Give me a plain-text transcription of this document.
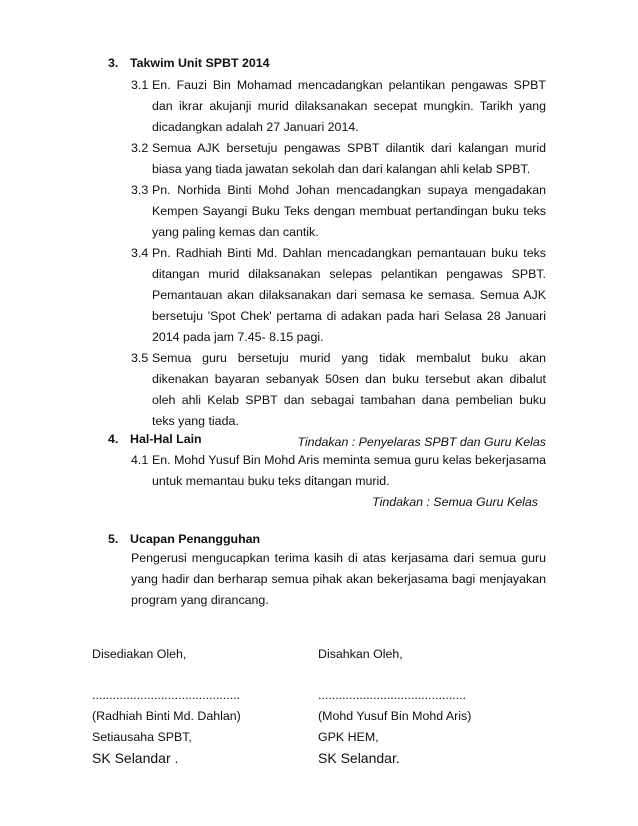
3. Takwim Unit SPBT 2014
3.1 En. Fauzi Bin Mohamad mencadangkan pelantikan pengawas SPBT dan ikrar akujanji murid dilaksanakan secepat mungkin. Tarikh yang dicadangkan adalah 27 Januari 2014.
3.2 Semua AJK bersetuju pengawas SPBT dilantik dari kalangan murid biasa yang tiada jawatan sekolah dan dari kalangan ahli kelab SPBT.
3.3 Pn. Norhida Binti Mohd Johan mencadangkan supaya mengadakan Kempen Sayangi Buku Teks dengan membuat pertandingan buku teks yang paling kemas dan cantik.
3.4 Pn. Radhiah Binti Md. Dahlan mencadangkan pemantauan buku teks ditangan murid dilaksanakan selepas pelantikan pengawas SPBT. Pemantauan akan dilaksanakan dari semasa ke semasa. Semua AJK bersetuju 'Spot Chek' pertama di adakan pada hari Selasa 28 Januari 2014 pada jam 7.45- 8.15 pagi.
3.5 Semua guru bersetuju murid yang tidak membalut buku akan dikenakan bayaran sebanyak 50sen dan buku tersebut akan dibalut oleh ahli Kelab SPBT dan sebagai tambahan dana pembelian buku teks yang tiada.
Tindakan : Penyelaras SPBT dan Guru Kelas
4. Hal-Hal Lain
4.1 En. Mohd Yusuf Bin Mohd Aris meminta semua guru kelas bekerjasama untuk memantau buku teks ditangan murid.
Tindakan : Semua Guru Kelas
5. Ucapan Penangguhan
Pengerusi mengucapkan terima kasih di atas kerjasama dari semua guru yang hadir dan berharap semua pihak akan bekerjasama bagi menjayakan program yang dirancang.
Disediakan Oleh,
...........................................
(Radhiah Binti Md. Dahlan)
Setiausaha SPBT,
SK Selandar .
Disahkan Oleh,
...........................................
(Mohd Yusuf Bin Mohd Aris)
GPK HEM,
SK Selandar.
